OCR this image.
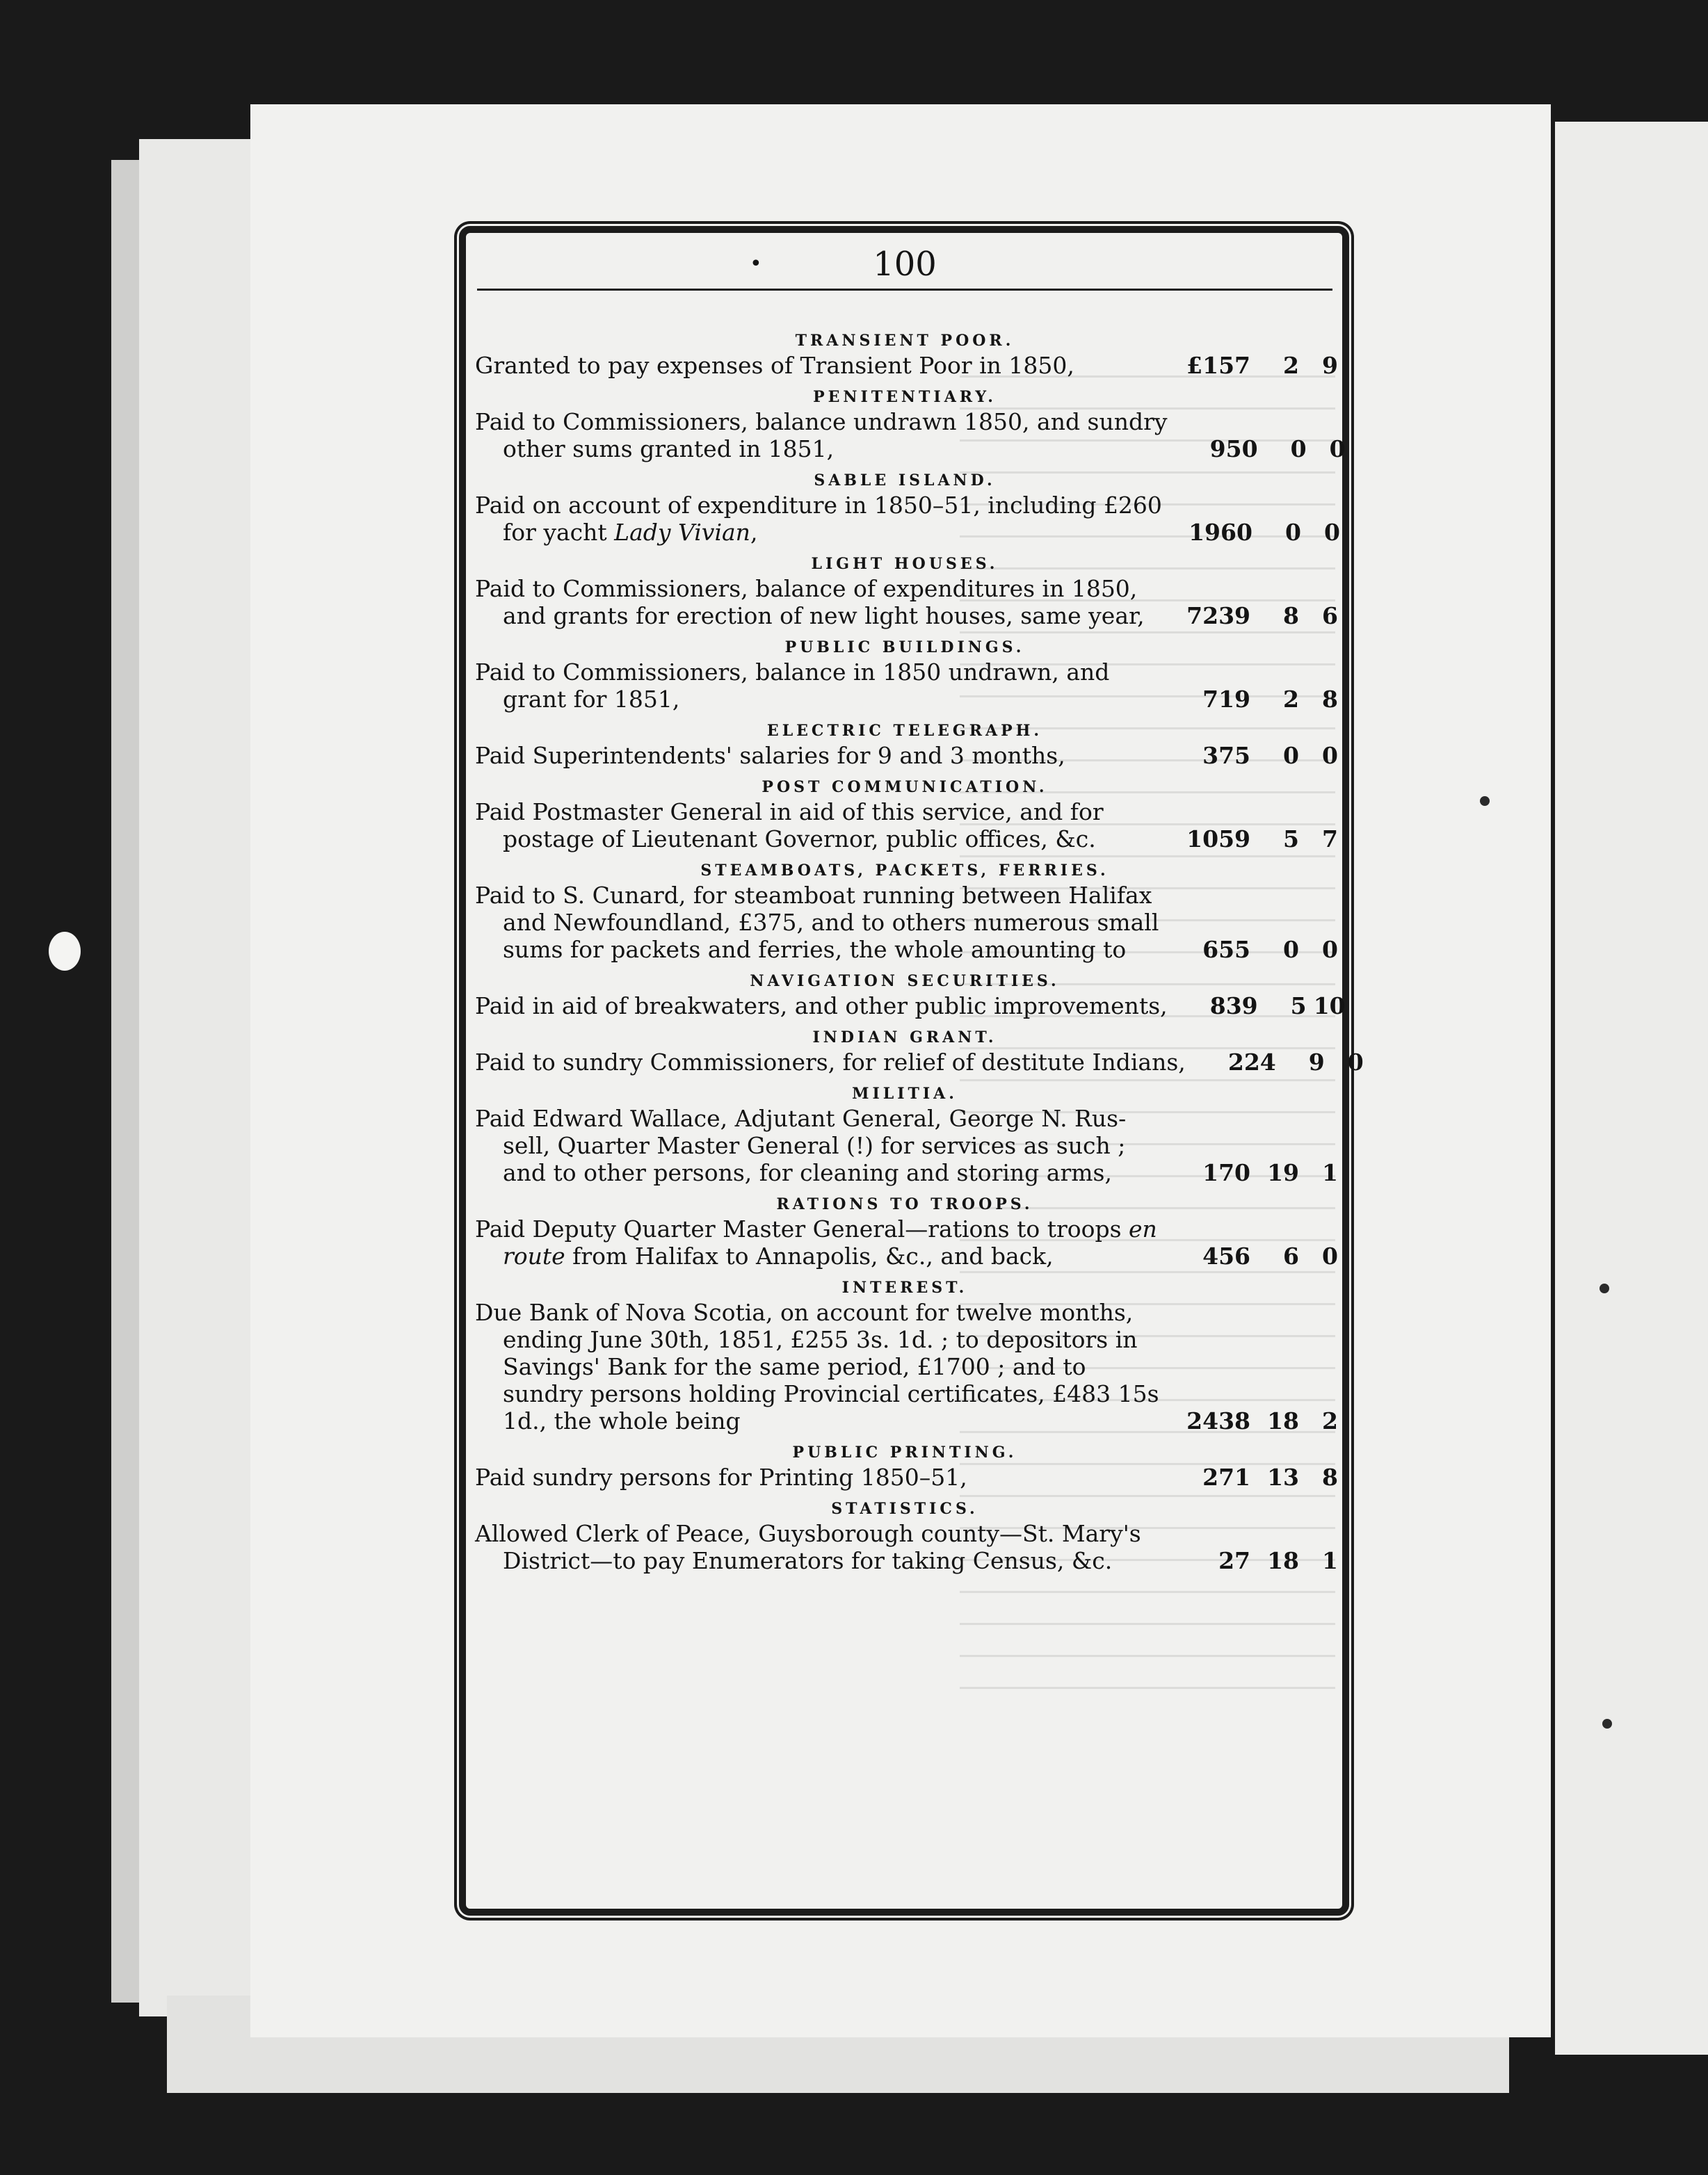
•	100
TRANSIENT POOR.
Granted to pay expenses of Transient Poor in 1850,	£157	2	9
PENITENTIARY.
Paid to Commissioners, balance undrawn 1850, and sundry
other sums granted in 1851,	950	0	0
SABLE ISLAND.
Paid on account of expenditure in 1850–51, including £260
for yacht Lady Vivian,	1960	0	0
LIGHT HOUSES.
Paid to Commissioners, balance of expenditures in 1850,
and grants for erection of new light houses, same year,	7239	8	6
PUBLIC BUILDINGS.
Paid to Commissioners, balance in 1850 undrawn, and
grant for 1851,	719	2	8
ELECTRIC TELEGRAPH.
Paid Superintendents' salaries for 9 and 3 months,	375	0	0
POST COMMUNICATION.
Paid Postmaster General in aid of this service, and for
postage of Lieutenant Governor, public offices, &c.	1059	5	7
STEAMBOATS, PACKETS, FERRIES.
Paid to S. Cunard, for steamboat running between Halifax
and Newfoundland, £375, and to others numerous small
sums for packets and ferries, the whole amounting to	655	0	0
NAVIGATION SECURITIES.
Paid in aid of breakwaters, and other public improvements,	839	5 10
INDIAN GRANT.
Paid to sundry Commissioners, for relief of destitute Indians,	224	9	0
MILITIA.
Paid Edward Wallace, Adjutant General, George N. Rus-
sell, Quarter Master General (!) for services as such ;
and to other persons, for cleaning and storing arms,	170 19	1
RATIONS TO TROOPS.
Paid Deputy Quarter Master General—rations to troops en
route from Halifax to Annapolis, &c., and back,	456	6	0
INTEREST.
Due Bank of Nova Scotia, on account for twelve months,
ending June 30th, 1851, £255 3s. 1d. ; to depositors in
Savings' Bank for the same period, £1700 ; and to
sundry persons holding Provincial certificates, £483 15s
1d., the whole being	2438 18	2
PUBLIC PRINTING.
Paid sundry persons for Printing 1850–51,	271 13	8
STATISTICS.
Allowed Clerk of Peace, Guysborough county—St. Mary's
District—to pay Enumerators for taking Census, &c.	27 18	1
